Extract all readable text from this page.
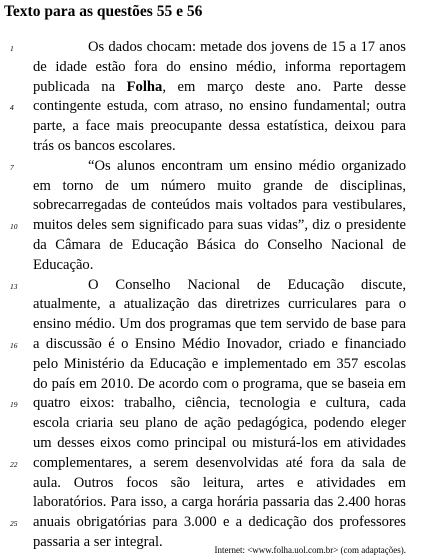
Texto para as questões 55 e 56
Os dados chocam: metade dos jovens de 15 a 17 anos
de idade estão fora do ensino médio, informa reportagem
publicada na Folha, em março deste ano. Parte desse
contingente estuda, com atraso, no ensino fundamental; outra
parte, a face mais preocupante dessa estatística, deixou para
trás os bancos escolares.
“Os alunos encontram um ensino médio organizado
em torno de um número muito grande de disciplinas,
sobrecarregadas de conteúdos mais voltados para vestibulares,
muitos deles sem significado para suas vidas”, diz o presidente
da Câmara de Educação Básica do Conselho Nacional de
Educação.
O Conselho Nacional de Educação discute,
atualmente, a atualização das diretrizes curriculares para o
ensino médio. Um dos programas que tem servido de base para
a discussão é o Ensino Médio Inovador, criado e financiado
pelo Ministério da Educação e implementado em 357 escolas
do país em 2010. De acordo com o programa, que se baseia em
quatro eixos: trabalho, ciência, tecnologia e cultura, cada
escola criaria seu plano de ação pedagógica, podendo eleger
um desses eixos como principal ou misturá-los em atividades
complementares, a serem desenvolvidas até fora da sala de
aula. Outros focos são leitura, artes e atividades em
laboratórios. Para isso, a carga horária passaria das 2.400 horas
anuais obrigatórias para 3.000 e a dedicação dos professores
passaria a ser integral.
1
4
7
10
13
16
19
22
25
Internet: <www.folha.uol.com.br> (com adaptações).
